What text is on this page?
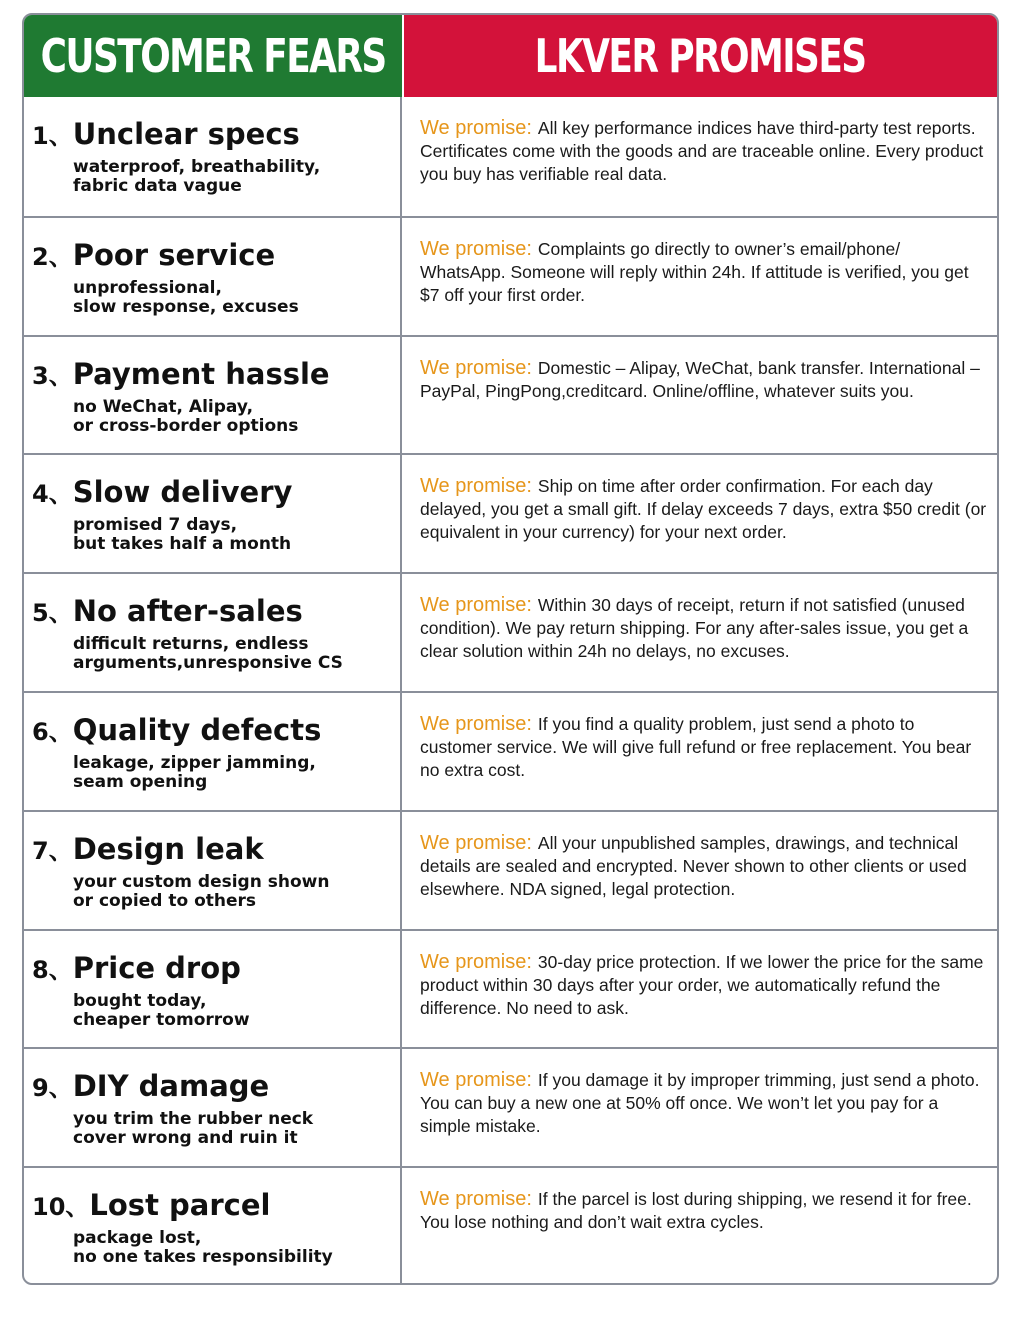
CUSTOMER FEARS	LKVER PROMISES
1、Unclear specs
waterproof, breathability,
fabric data vague
We promise: All key performance indices have third-party test reports. Certificates come with the goods and are traceable online. Every product you buy has verifiable real data.
2、Poor service
unprofessional,
slow response, excuses
We promise: Complaints go directly to owner’s email/phone/ WhatsApp. Someone will reply within 24h. If attitude is verified, you get $7 off your first order.
3、Payment hassle
no WeChat, Alipay,
or cross-border options
We promise: Domestic – Alipay, WeChat, bank transfer. International – PayPal, PingPong,creditcard. Online/offline, whatever suits you.
4、Slow delivery
promised 7 days,
but takes half a month
We promise: Ship on time after order confirmation. For each day delayed, you get a small gift. If delay exceeds 7 days, extra $50 credit (or equivalent in your currency) for your next order.
5、No after-sales
difficult returns, endless
arguments,unresponsive CS
We promise: Within 30 days of receipt, return if not satisfied (unused condition). We pay return shipping. For any after-sales issue, you get a clear solution within 24h no delays, no excuses.
6、Quality defects
leakage, zipper jamming,
seam opening
We promise: If you find a quality problem, just send a photo to customer service. We will give full refund or free replacement. You bear no extra cost.
7、Design leak
your custom design shown
or copied to others
We promise: All your unpublished samples, drawings, and technical details are sealed and encrypted. Never shown to other clients or used elsewhere. NDA signed, legal protection.
8、Price drop
bought today,
cheaper tomorrow
We promise: 30-day price protection. If we lower the price for the same product within 30 days after your order, we automatically refund the difference. No need to ask.
9、DIY damage
you trim the rubber neck
cover wrong and ruin it
We promise: If you damage it by improper trimming, just send a photo. You can buy a new one at 50% off once. We won’t let you pay for a simple mistake.
10、Lost parcel
package lost,
no one takes responsibility
We promise: If the parcel is lost during shipping, we resend it for free. You lose nothing and don’t wait extra cycles.
